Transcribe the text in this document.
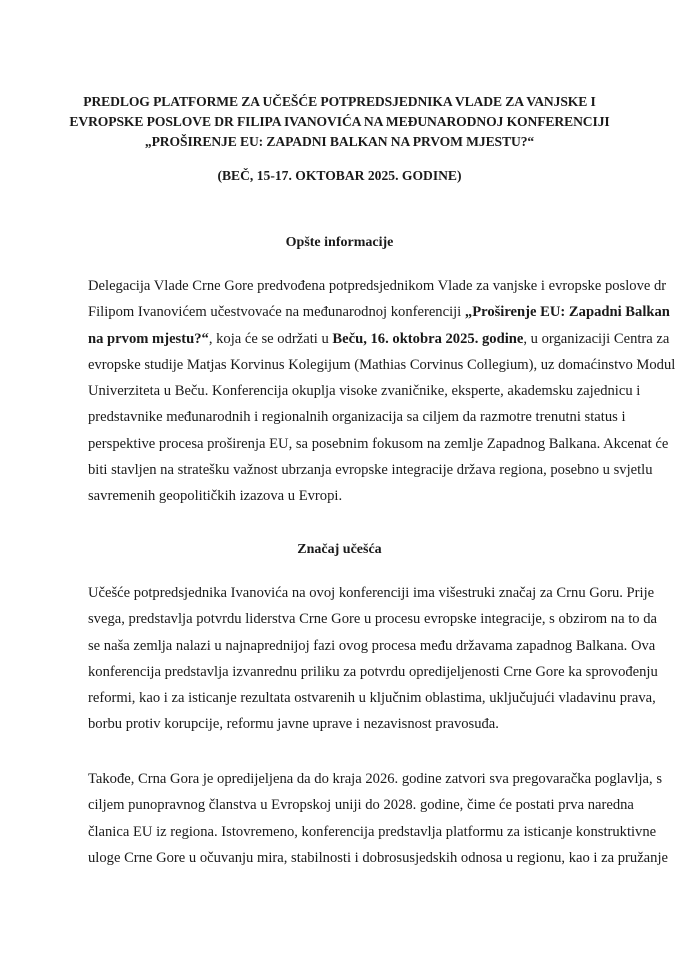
PREDLOG PLATFORME ZA UČEŠĆE POTPREDSJEDNIKA VLADE ZA VANJSKE I
EVROPSKE POSLOVE DR FILIPA IVANOVIĆA NA MEĐUNARODNOJ KONFERENCIJI
„PROŠIRENJE EU: ZAPADNI BALKAN NA PRVOM MJESTU?“
(BEČ, 15-17. OKTOBAR 2025. GODINE)
Opšte informacije
Delegacija Vlade Crne Gore predvođena potpredsjednikom Vlade za vanjske i evropske poslove dr
Filipom Ivanovićem učestvovaće na međunarodnoj konferenciji „Proširenje EU: Zapadni Balkan
na prvom mjestu?“, koja će se održati u Beču, 16. oktobra 2025. godine, u organizaciji Centra za
evropske studije Matjas Korvinus Kolegijum (Mathias Corvinus Collegium), uz domaćinstvo Modul
Univerziteta u Beču. Konferencija okuplja visoke zvaničnike, eksperte, akademsku zajednicu i
predstavnike međunarodnih i regionalnih organizacija sa ciljem da razmotre trenutni status i
perspektive procesa proširenja EU, sa posebnim fokusom na zemlje Zapadnog Balkana. Akcenat će
biti stavljen na stratešku važnost ubrzanja evropske integracije država regiona, posebno u svjetlu
savremenih geopolitičkih izazova u Evropi.
Značaj učešća
Učešće potpredsjednika Ivanovića na ovoj konferenciji ima višestruki značaj za Crnu Goru. Prije
svega, predstavlja potvrdu liderstva Crne Gore u procesu evropske integracije, s obzirom na to da
se naša zemlja nalazi u najnaprednijoj fazi ovog procesa među državama zapadnog Balkana. Ova
konferencija predstavlja izvanrednu priliku za potvrdu opredijeljenosti Crne Gore ka sprovođenju
reformi, kao i za isticanje rezultata ostvarenih u ključnim oblastima, uključujući vladavinu prava,
borbu protiv korupcije, reformu javne uprave i nezavisnost pravosuđa.
Takođe, Crna Gora je opredijeljena da do kraja 2026. godine zatvori sva pregovaračka poglavlja, s
ciljem punopravnog članstva u Evropskoj uniji do 2028. godine, čime će postati prva naredna
članica EU iz regiona. Istovremeno, konferencija predstavlja platformu za isticanje konstruktivne
uloge Crne Gore u očuvanju mira, stabilnosti i dobrosusjedskih odnosa u regionu, kao i za pružanje
